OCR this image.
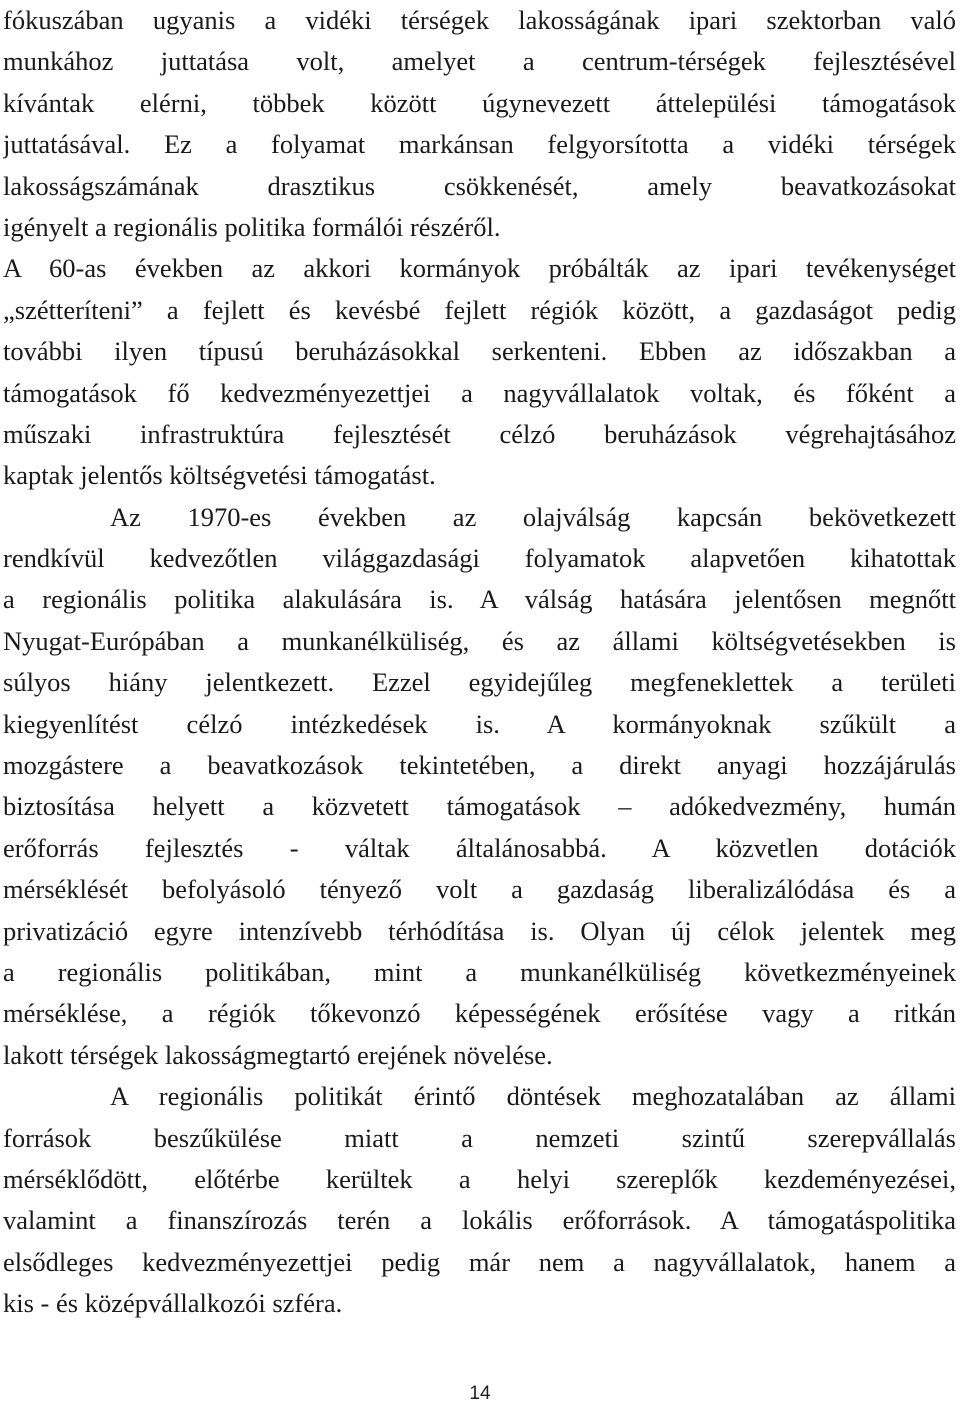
fókuszában ugyanis a vidéki térségek lakosságának ipari szektorban való
munkához juttatása volt, amelyet a centrum-térségek fejlesztésével
kívántak elérni, többek között úgynevezett áttelepülési támogatások
juttatásával. Ez a folyamat markánsan felgyorsította a vidéki térségek
lakosságszámának drasztikus csökkenését, amely beavatkozásokat
igényelt a regionális politika formálói részéről.
A 60-as években az akkori kormányok próbálták az ipari tevékenységet
„szétteríteni” a fejlett és kevésbé fejlett régiók között, a gazdaságot pedig
további ilyen típusú beruházásokkal serkenteni. Ebben az időszakban a
támogatások fő kedvezményezettjei a nagyvállalatok voltak, és főként a
műszaki infrastruktúra fejlesztését célzó beruházások végrehajtásához
kaptak jelentős költségvetési támogatást.
Az 1970-es években az olajválság kapcsán bekövetkezett
rendkívül kedvezőtlen világgazdasági folyamatok alapvetően kihatottak
a regionális politika alakulására is. A válság hatására jelentősen megnőtt
Nyugat-Európában a munkanélküliség, és az állami költségvetésekben is
súlyos hiány jelentkezett. Ezzel egyidejűleg megfeneklettek a területi
kiegyenlítést célzó intézkedések is. A kormányoknak szűkült a
mozgástere a beavatkozások tekintetében, a direkt anyagi hozzájárulás
biztosítása helyett a közvetett támogatások – adókedvezmény, humán
erőforrás fejlesztés - váltak általánosabbá. A közvetlen dotációk
mérséklését befolyásoló tényező volt a gazdaság liberalizálódása és a
privatizáció egyre intenzívebb térhódítása is. Olyan új célok jelentek meg
a regionális politikában, mint a munkanélküliség következményeinek
mérséklése, a régiók tőkevonzó képességének erősítése vagy a ritkán
lakott térségek lakosságmegtartó erejének növelése.
A regionális politikát érintő döntések meghozatalában az állami
források beszűkülése miatt a nemzeti szintű szerepvállalás
mérséklődött, előtérbe kerültek a helyi szereplők kezdeményezései,
valamint a finanszírozás terén a lokális erőforrások. A támogatáspolitika
elsődleges kedvezményezettjei pedig már nem a nagyvállalatok, hanem a
kis - és középvállalkozói szféra.
14
